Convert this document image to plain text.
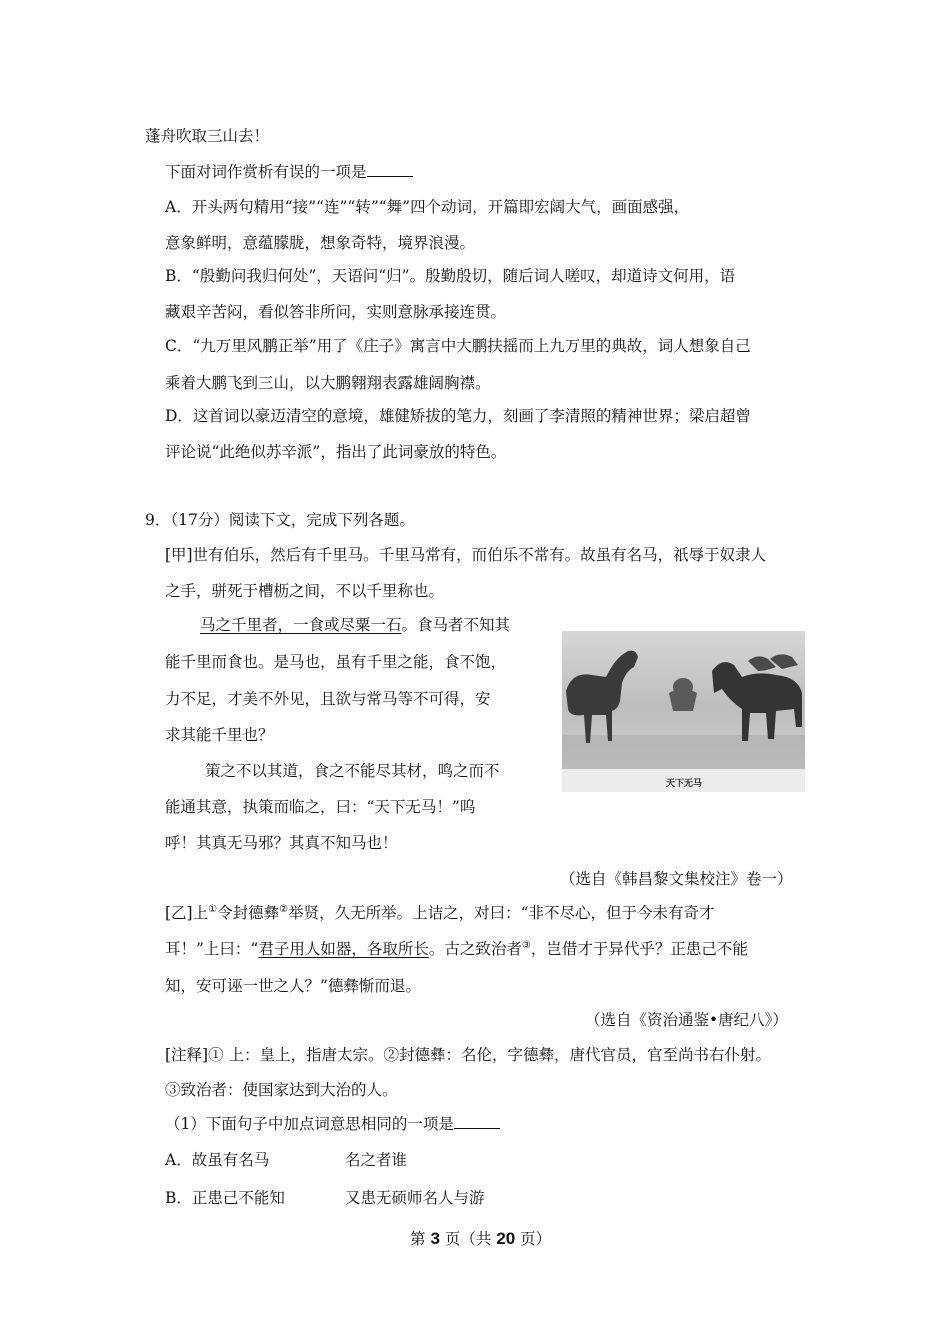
蓬舟吹取三山去！
下面对词作赏析有误的一项是
A．开头两句精用“接”“连”“转”“舞”四个动词，开篇即宏阔大气，画面感强，
意象鲜明，意蕴朦胧，想象奇特，境界浪漫。
B．“殷勤问我归何处”，天语问“归”。殷勤殷切，随后词人嗟叹，却道诗文何用，语
藏艰辛苦闷，看似答非所问，实则意脉承接连贯。
C．“九万里风鹏正举”用了《庄子》寓言中大鹏扶摇而上九万里的典故，词人想象自己
乘着大鹏飞到三山，以大鹏翱翔表露雄阔胸襟。
D．这首词以豪迈清空的意境，雄健矫拔的笔力，刻画了李清照的精神世界；梁启超曾
评论说“此绝似苏辛派”，指出了此词豪放的特色。
9．（17分）阅读下文，完成下列各题。
[甲]世有伯乐，然后有千里马。千里马常有，而伯乐不常有。故虽有名马，祇辱于奴隶人
之手，骈死于槽枥之间，不以千里称也。
马之千里者，一食或尽粟一石。食马者不知其
能千里而食也。是马也，虽有千里之能，食不饱，
力不足，才美不外见，且欲与常马等不可得，安
求其能千里也？
策之不以其道，食之不能尽其材，鸣之而不
能通其意，执策而临之，曰：“天下无马！”呜
呼！其真无马邪？其真不知马也！
天下无马
（选自《韩昌黎文集校注》卷一）
[乙]上①令封德彝②举贤，久无所举。上诘之，对曰：“非不尽心，但于今未有奇才
耳！”上曰：“君子用人如器，各取所长。古之致治者③，岂借才于异代乎？正患己不能
知，安可诬一世之人？”德彝惭而退。
（选自《资治通鉴•唐纪八》）
[注释]① 上：皇上，指唐太宗。②封德彝：名伦，字德彝，唐代官员，官至尚书右仆射。
③致治者：使国家达到大治的人。
（1）下面句子中加点词意思相同的一项是
A．故虽有名马	名之者谁
B．正患己不能知	又患无硕师名人与游
第 3 页（共 20 页）
